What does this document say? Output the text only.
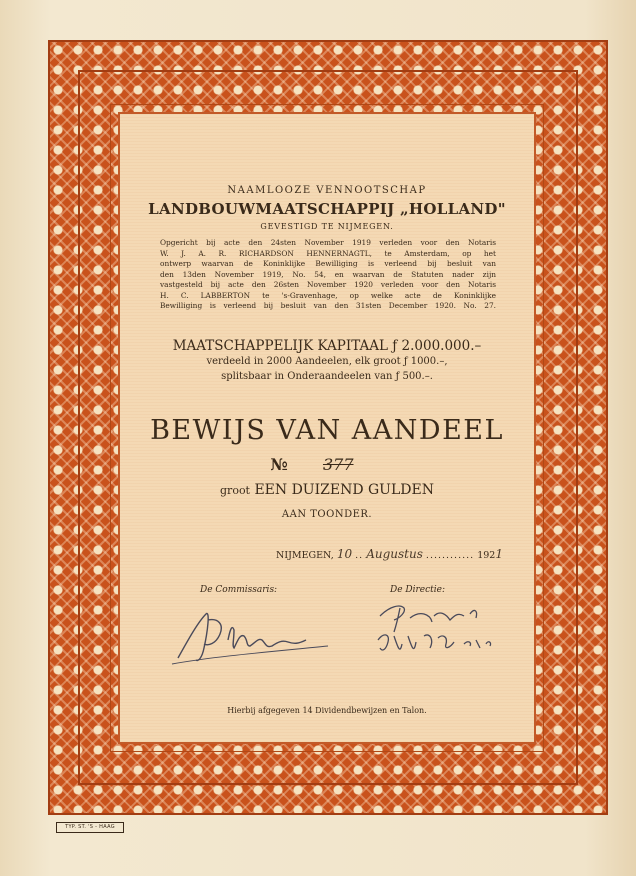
NAAMLOOZE VENNOOTSCHAP
LANDBOUWMAATSCHAPPIJ „HOLLAND"
GEVESTIGD TE NIJMEGEN.
Opgericht bij acte den 24sten November 1919 verleden voor den Notaris
W. J. A. R. RICHARDSON HENNERNAGTL, te Amsterdam, op het
ontwerp waarvan de Koninklijke Bewilliging is verleend bij besluit van
den 13den November 1919, No. 54, en waarvan de Statuten nader zijn
vastgesteld bij acte den 26sten November 1920 verleden voor den Notaris
H. C. LABBERTON te 's-Gravenhage, op welke acte de Koninklijke
Bewilliging is verleend bij besluit van den 31sten December 1920. No. 27.
MAATSCHAPPELIJK KAPITAAL ƒ 2.000.000.–
verdeeld in 2000 Aandeelen, elk groot ƒ 1000.–,
splitsbaar in Onderaandeelen van ƒ 500.–.
BEWIJS VAN AANDEEL
№ 377
groot EEN DUIZEND GULDEN
AAN TOONDER.
NIJMEGEN, 10 .. Augustus ............ 1921
De Commissaris:	De Directie:
Hierbij afgegeven 14 Dividendbewijzen en Talon.
TYP. ST. 'S - HAAG
